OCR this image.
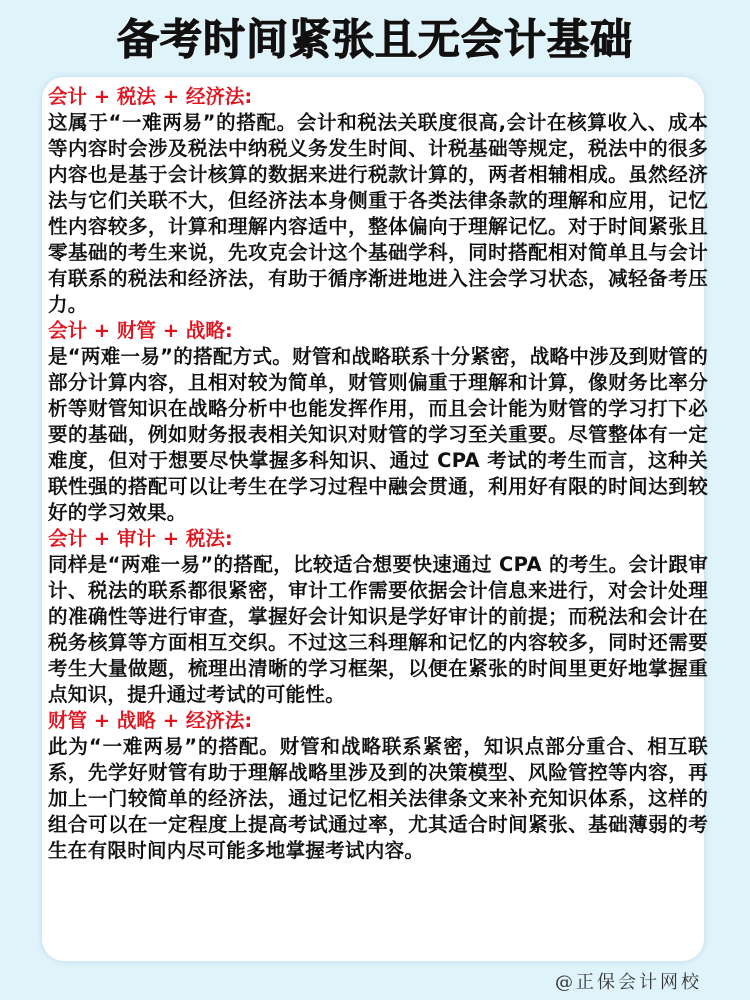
备考时间紧张且无会计基础

会计 + 税法 + 经济法:

这属于“一难两易”的搭配。会计和税法关联度很高,会计在核算收入、成本等内容时会涉及税法中纳税义务发生时间、计税基础等规定，税法中的很多内容也是基于会计核算的数据来进行税款计算的，两者相辅相成。虽然经济法与它们关联不大，但经济法本身侧重于各类法律条款的理解和应用，记忆性内容较多，计算和理解内容适中，整体偏向于理解记忆。对于时间紧张且零基础的考生来说，先攻克会计这个基础学科，同时搭配相对简单且与会计有联系的税法和经济法，有助于循序渐进地进入注会学习状态，减轻备考压力。

会计 + 财管 + 战略:

是“两难一易”的搭配方式。财管和战略联系十分紧密，战略中涉及到财管的部分计算内容，且相对较为简单，财管则偏重于理解和计算，像财务比率分析等财管知识在战略分析中也能发挥作用，而且会计能为财管的学习打下必要的基础，例如财务报表相关知识对财管的学习至关重要。尽管整体有一定难度，但对于想要尽快掌握多科知识、通过 CPA 考试的考生而言，这种关联性强的搭配可以让考生在学习过程中融会贯通，利用好有限的时间达到较好的学习效果。

会计 + 审计 + 税法:

同样是“两难一易”的搭配，比较适合想要快速通过 CPA 的考生。会计跟审计、税法的联系都很紧密，审计工作需要依据会计信息来进行，对会计处理的准确性等进行审查，掌握好会计知识是学好审计的前提；而税法和会计在税务核算等方面相互交织。不过这三科理解和记忆的内容较多，同时还需要考生大量做题，梳理出清晰的学习框架，以便在紧张的时间里更好地掌握重点知识，提升通过考试的可能性。

财管 + 战略 + 经济法:

此为“一难两易”的搭配。财管和战略联系紧密，知识点部分重合、相互联系，先学好财管有助于理解战略里涉及到的决策模型、风险管控等内容，再加上一门较简单的经济法，通过记忆相关法律条文来补充知识体系，这样的组合可以在一定程度上提高考试通过率，尤其适合时间紧张、基础薄弱的考生在有限时间内尽可能多地掌握考试内容。

@正保会计网校
